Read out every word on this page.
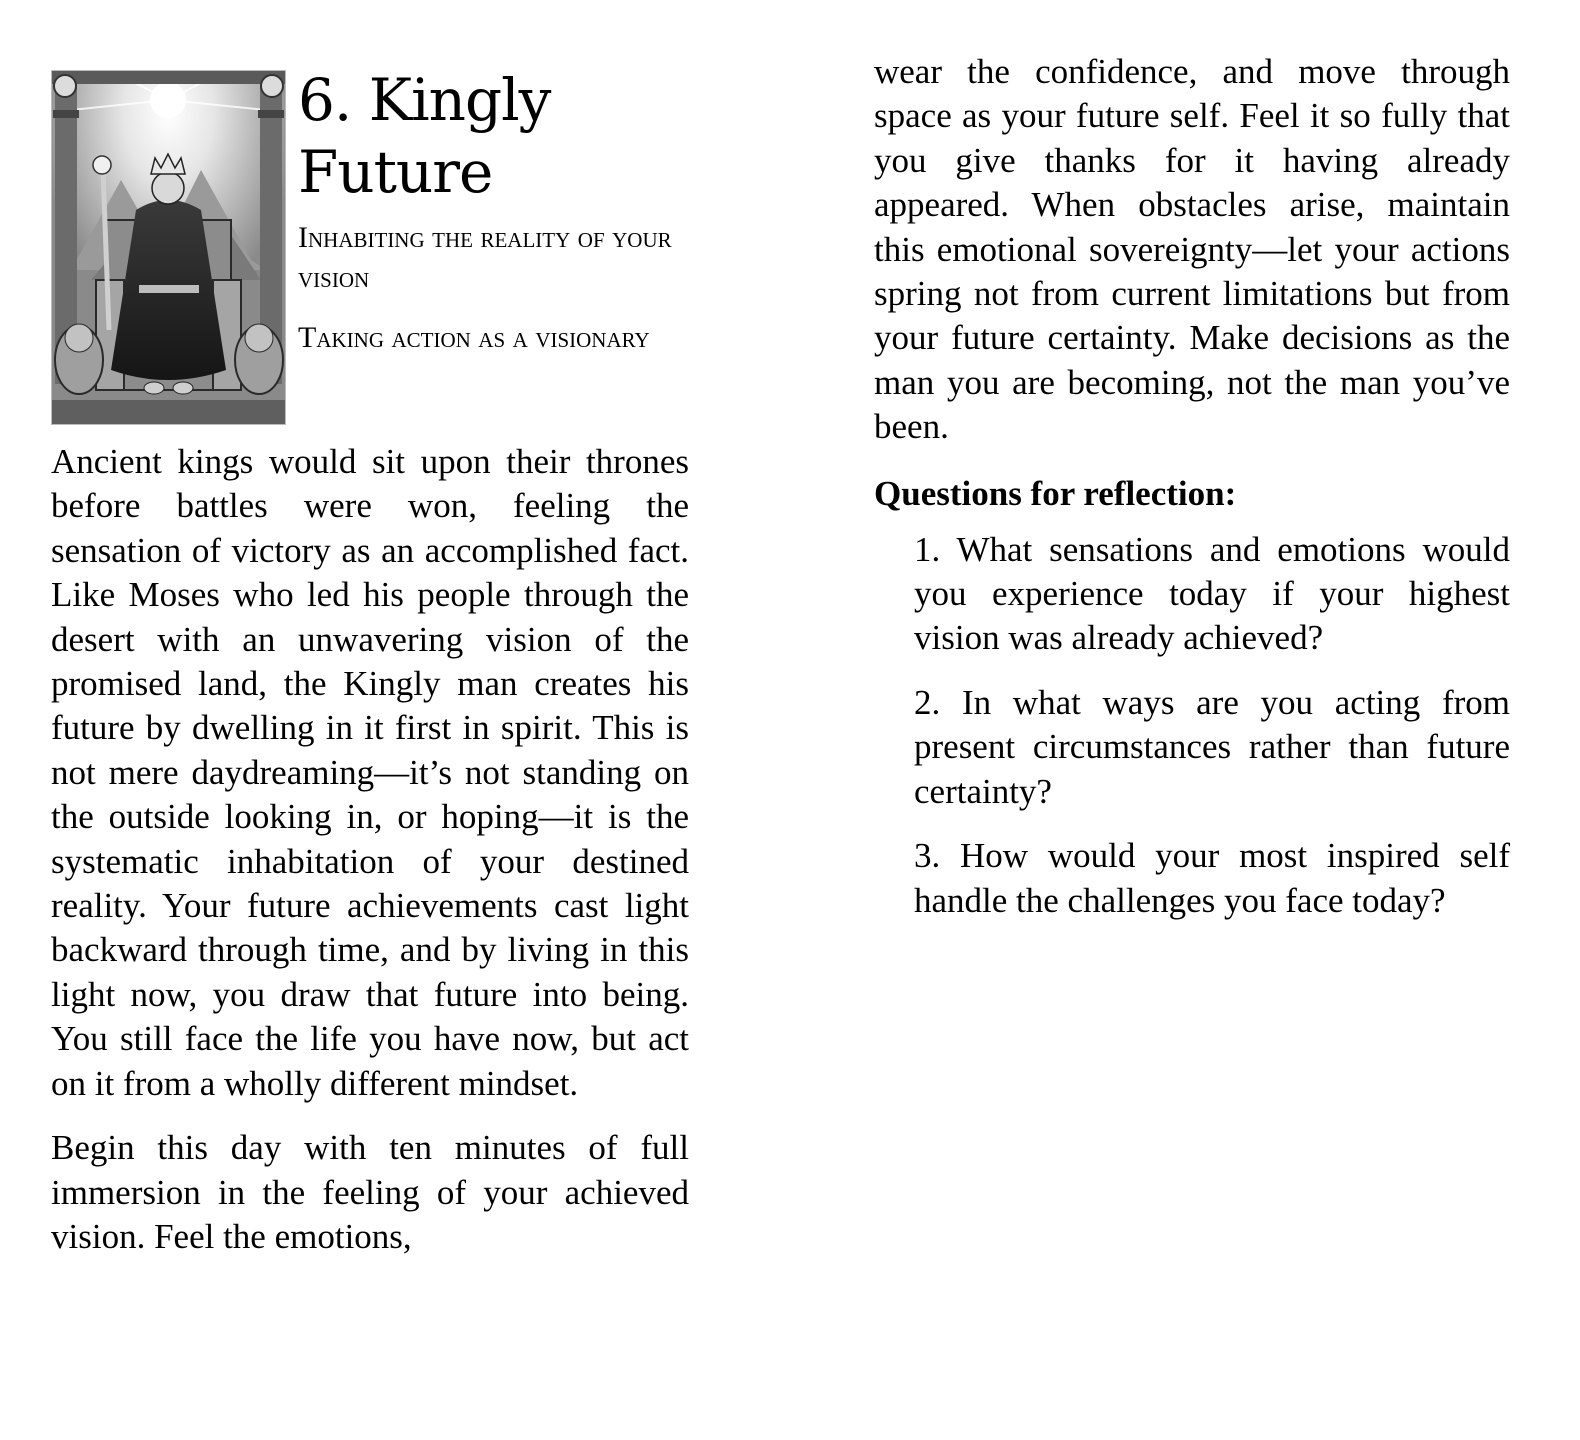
6. Kingly Future
Inhabiting the reality of your vision
Taking action as a visionary

Ancient kings would sit upon their thrones before battles were won, feeling the sensation of victory as an accomplished fact. Like Moses who led his people through the desert with an unwavering vision of the promised land, the Kingly man creates his future by dwelling in it first in spirit. This is not mere daydreaming—it’s not standing on the outside looking in, or hoping—it is the systematic inhabitation of your destined reality. Your future achievements cast light backward through time, and by living in this light now, you draw that future into being. You still face the life you have now, but act on it from a wholly different mindset.

Begin this day with ten minutes of full immersion in the feeling of your achieved vision. Feel the emotions,

wear the confidence, and move through space as your future self. Feel it so fully that you give thanks for it having already appeared. When obstacles arise, maintain this emotional sovereignty—let your actions spring not from current limitations but from your future certainty. Make decisions as the man you are becoming, not the man you’ve been.

Questions for reflection:
1. What sensations and emotions would you experience today if your highest vision was already achieved?
2. In what ways are you acting from present circumstances rather than future certainty?
3. How would your most inspired self handle the challenges you face today?
